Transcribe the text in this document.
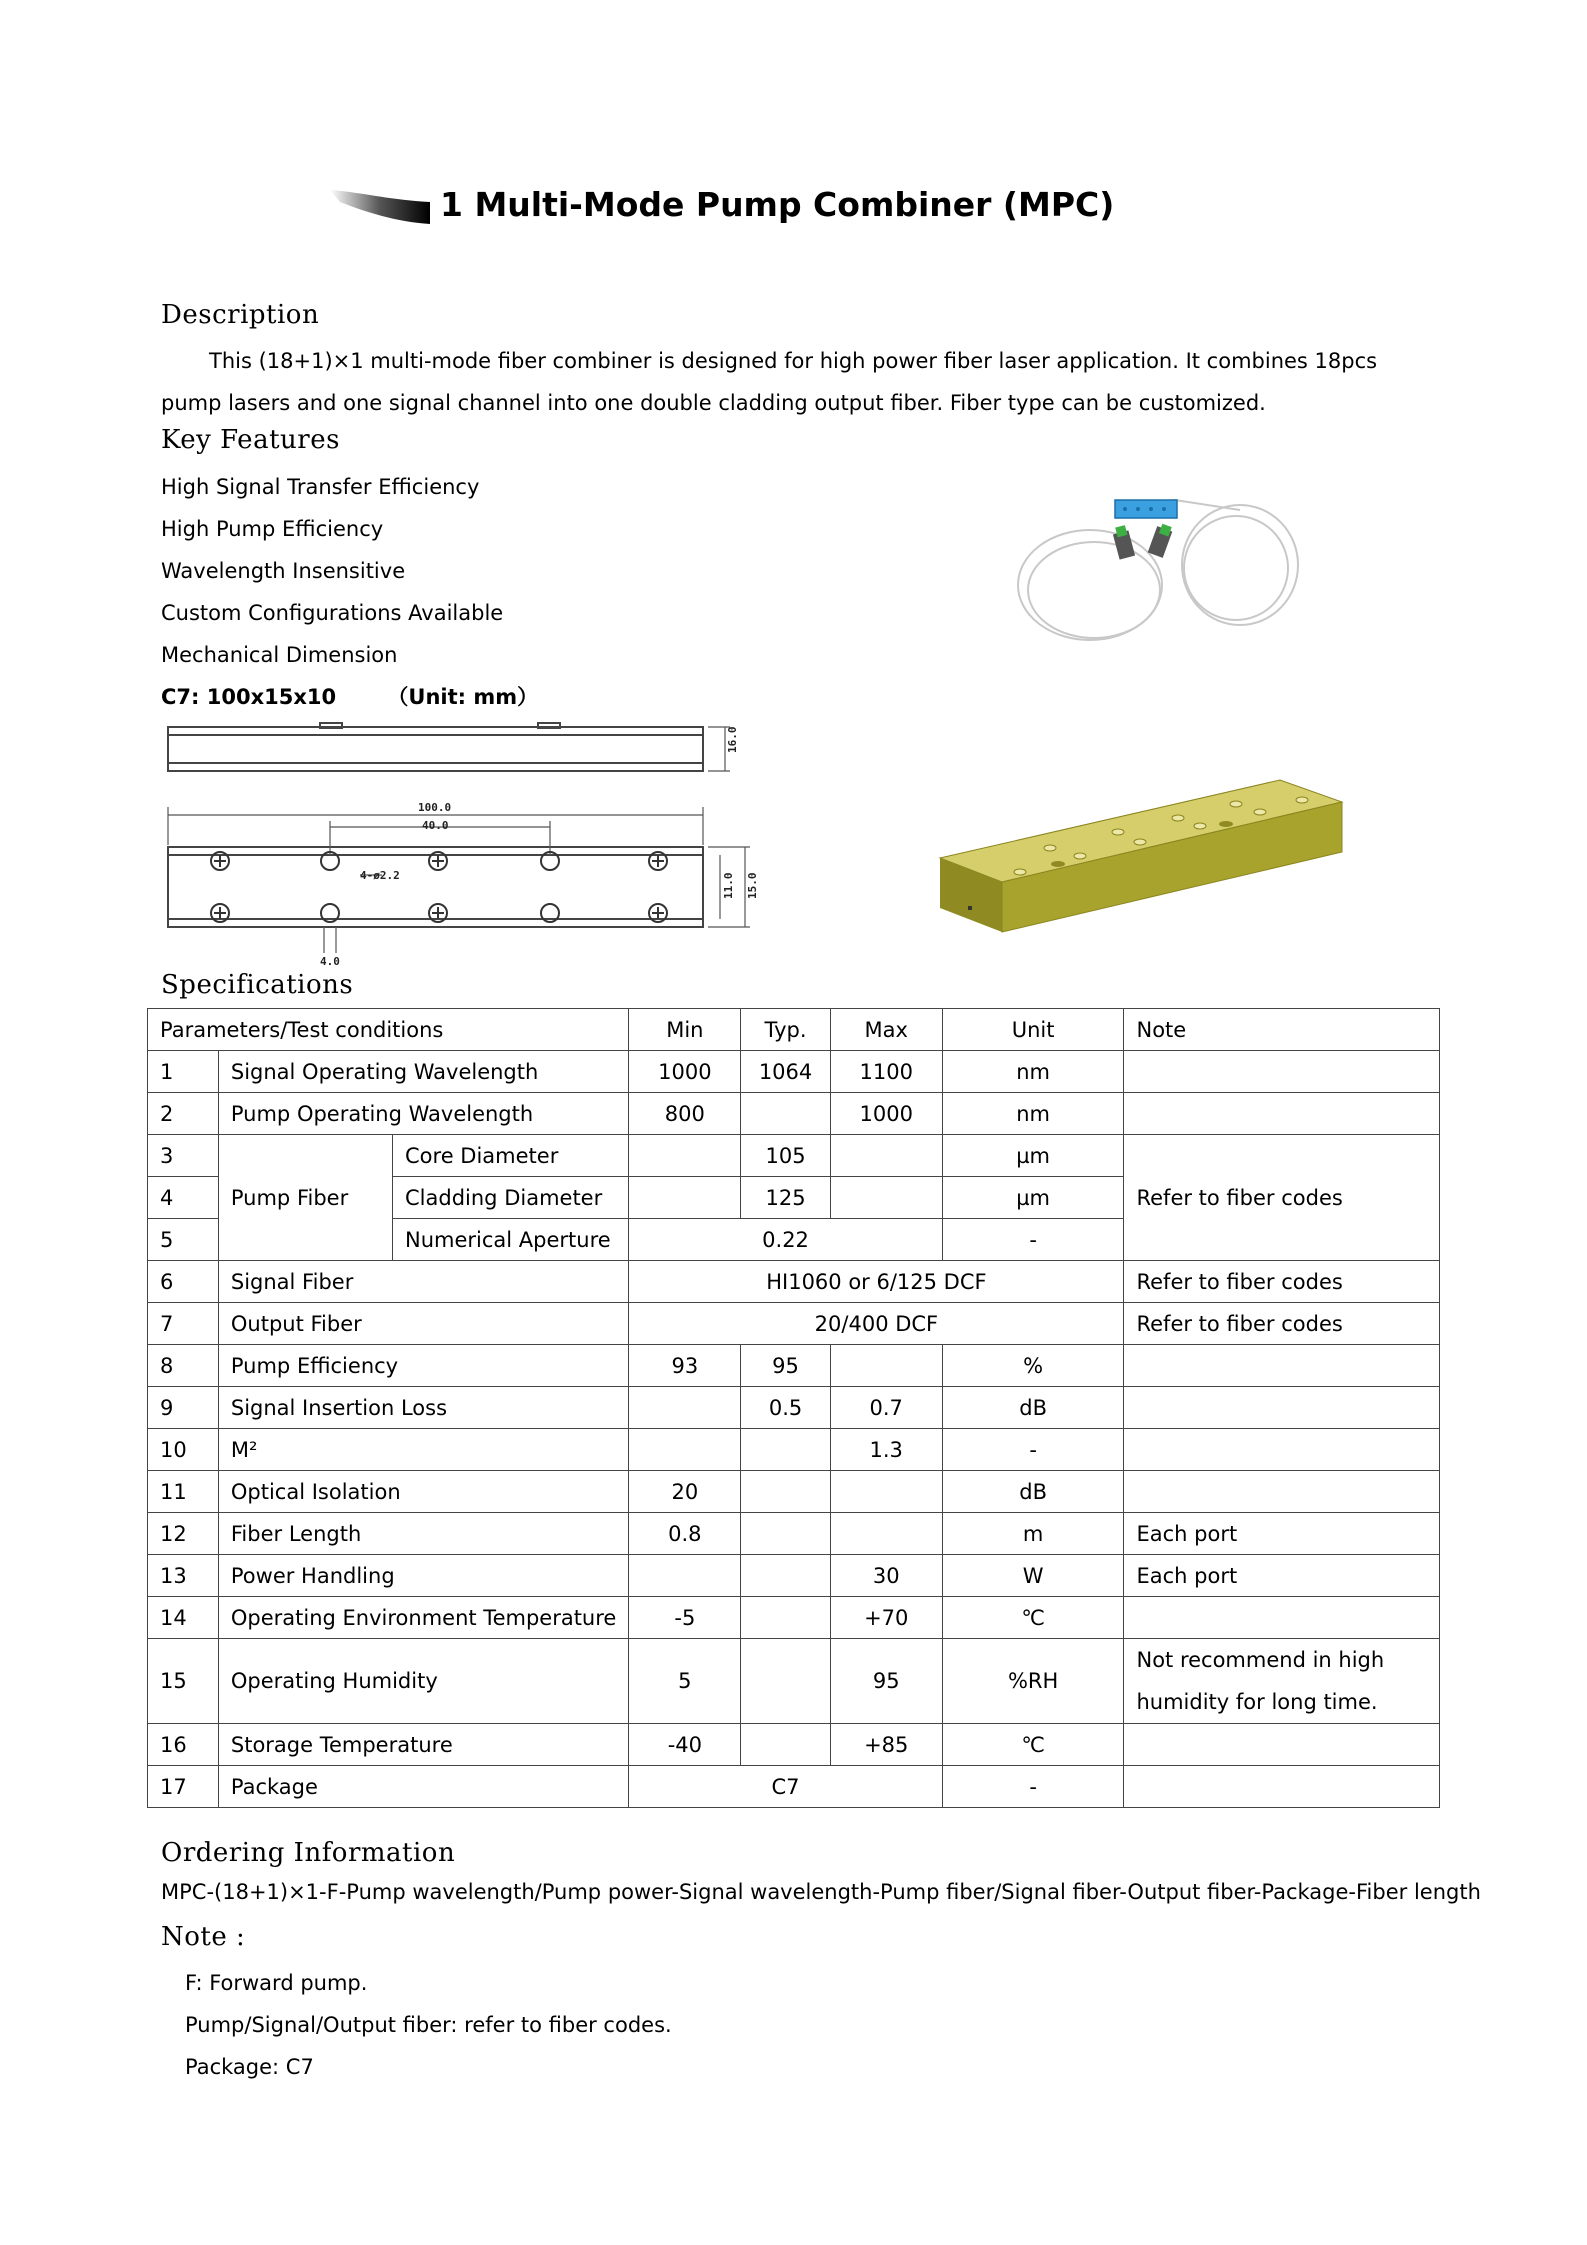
1 Multi-Mode Pump Combiner (MPC)
Description
This (18+1)×1 multi-mode fiber combiner is designed for high power fiber laser application. It combines 18pcs
pump lasers and one signal channel into one double cladding output fiber. Fiber type can be customized.
Key Features
High Signal Transfer Efficiency
High Pump Efficiency
Wavelength Insensitive
Custom Configurations Available
Mechanical Dimension
C7: 100x15x10 （Unit: mm）
16.0
100.0
40.0
4-ø2.2	11.0 15.0
4.0
Specifications
Parameters/Test conditions			Min	Typ.	Max	Unit	Note
1	Signal Operating Wavelength		1000	1064	1100	nm	
2	Pump Operating Wavelength		800		1000	nm	
3	Pump Fiber	Core Diameter		105		µm	Refer to fiber codes
4		Cladding Diameter		125		µm	
5		Numerical Aperture	0.22			-	
6	Signal Fiber		HI1060 or 6/125 DCF				Refer to fiber codes
7	Output Fiber		20/400 DCF				Refer to fiber codes
8	Pump Efficiency		93	95		%	
9	Signal Insertion Loss			0.5	0.7	dB	
10	M²				1.3	-	
11	Optical Isolation		20			dB	
12	Fiber Length		0.8			m	Each port
13	Power Handling				30	W	Each port
14	Operating Environment Temperature		-5		+70	℃	
15	Operating Humidity		5		95	%RH	Not recommend in high
humidity for long time.

16	Storage Temperature		-40		+85	℃	
17	Package		C7			-	
Ordering Information
MPC-(18+1)×1-F-Pump wavelength/Pump power-Signal wavelength-Pump fiber/Signal fiber-Output fiber-Package-Fiber length
Note :
F: Forward pump.
Pump/Signal/Output fiber: refer to fiber codes.
Package: C7
